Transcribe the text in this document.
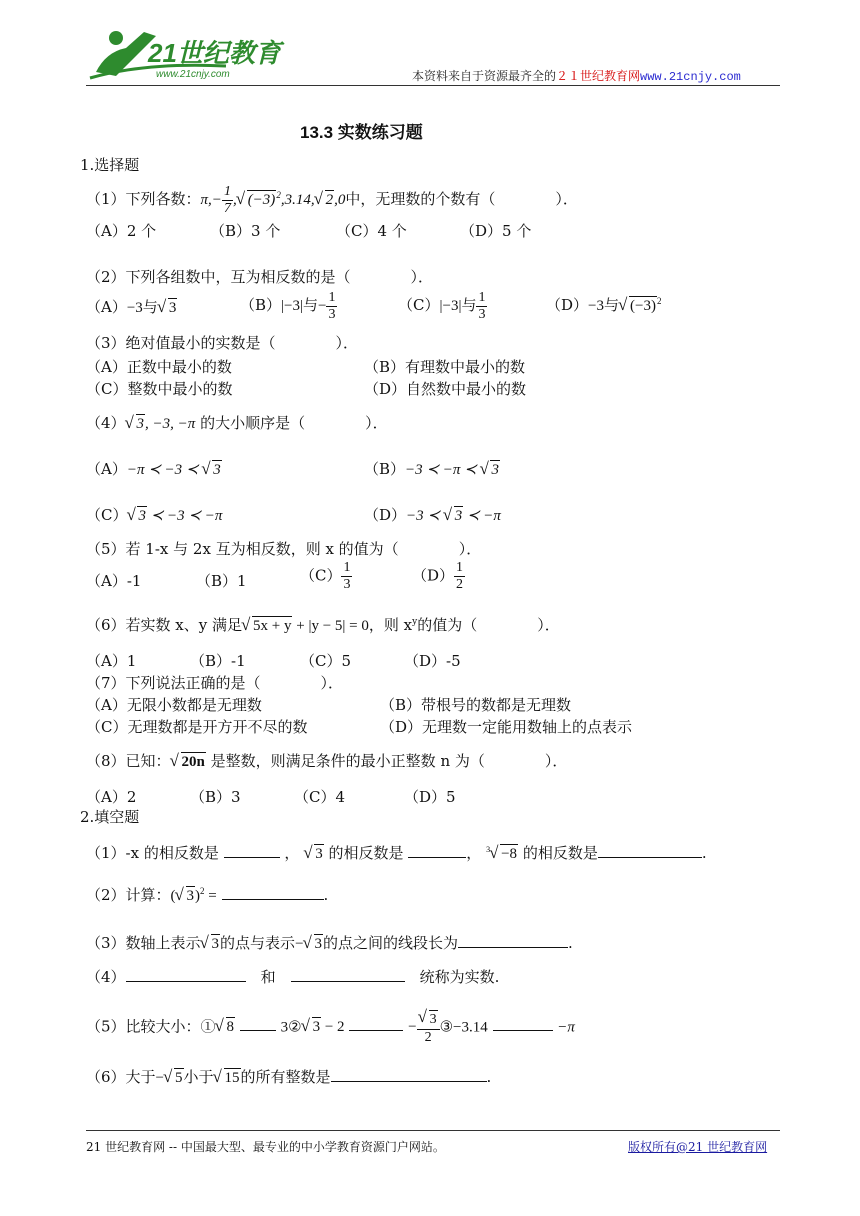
21世纪教育
www.21cnjy.com	本资料来自于资源最齐全的２１世纪教育网www.21cnjy.com
13.3 实数练习题
1.选择题
（1）下列各数：$\pi,- \frac{1}{7}$ ,√ $(-3)^2,3.14,√$ 2,0中，无理数的个数有（　　　　）．
（A）2 个	（B）3 个	（C）4 个	（D）5 个
（2）下列各组数中，互为相反数的是（　　　　）．
（A）−3与√ 3	（B）|−3|与− $\frac{1}{3}$	（C）|−3|与 $\frac{1}{3}$	（D）−3与√ $(-3)^2$
（3）绝对值最小的实数是（　　　　）．
（A）正数中最小的数	（B）有理数中最小的数
（C）整数中最小的数	（D）自然数中最小的数
（4）√ 3, −3, −π 的大小顺序是（　　　　）．
（A）−π ≺ −3 ≺ √ 3	（B）−3 ≺ −π ≺ √ 3
（C）√ 3 ≺ −3 ≺ −π	（D）−3 ≺ √ 3 ≺ −π
（5）若 1-x 与 2x 互为相反数，则 x 的值为（　　　　）．
（A）-1	（B）1	$(C) \frac{1}{3}$	$(D) \frac{1}{2}$
（6）若实数 x、y 满足√ 5x + y + |y − 5| = 0，则 $x^y$的值为（　　　　）．
（A）1	（B）-1	（C）5	（D）-5
（7）下列说法正确的是（　　　　）．
（A）无限小数都是无理数	（B）带根号的数都是无理数
（C）无理数都是开方开不尽的数	（D）无理数一定能用数轴上的点表示
（8）已知：√ 20n 是整数，则满足条件的最小正整数 n 为（　　　　）．
（A）2	（B）3	（C）4	（D）5
2.填空题
（1）-x 的相反数是	， √ 3 的相反数是	， $^3$√ −8 的相反数是	.
（2）计算：(√ 3)$^2$ =	.
（3）数轴上表示√ 3的点与表示−√ 3的点之间的线段长为	.
（4）　	和　　	统称为实数.
（5）比较大小：①√ 8	3②√ 3 − 2	−
√ $\frac{3}{2}$ ③−3.14	−π
（6）大于−√ 5小于√ 15的所有整数是	.
21 世纪教育网 -- 中国最大型、最专业的中小学教育资源门户网站。	版权所有@21 世纪教育网
